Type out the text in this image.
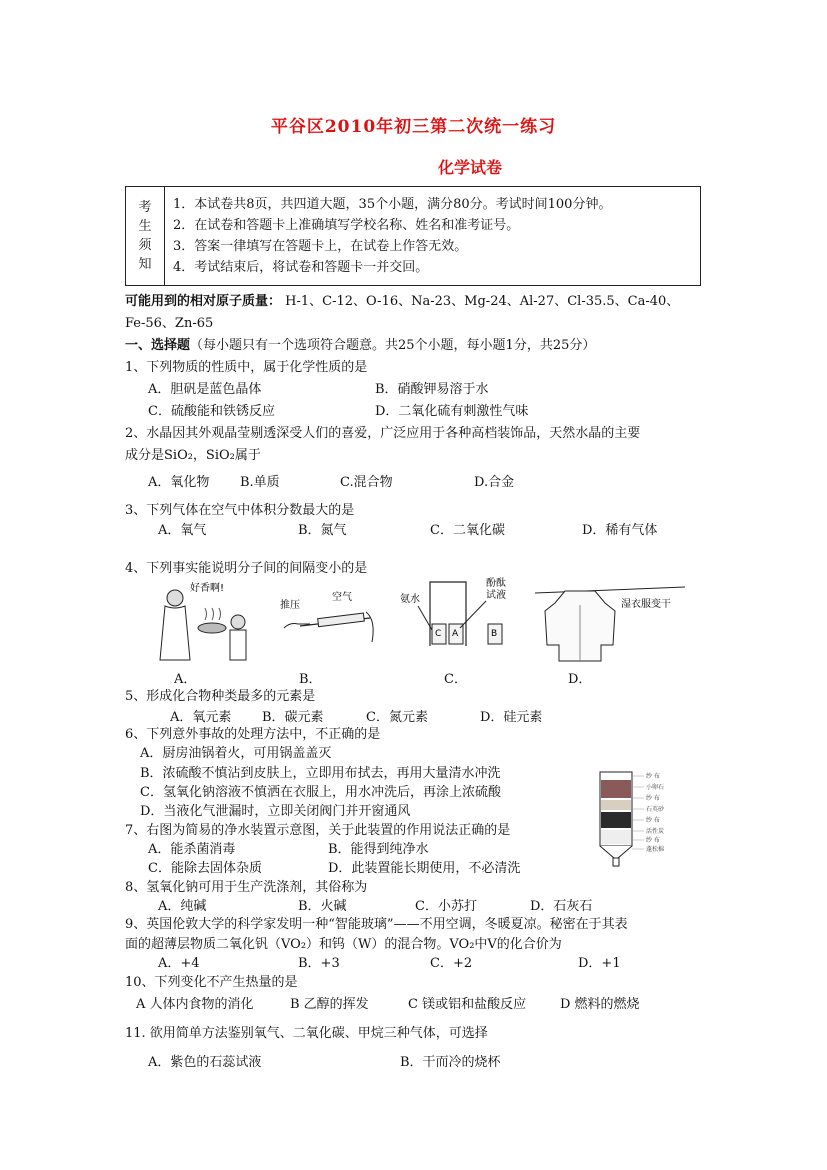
平谷区2010年初三第二次统一练习
化学试卷
考
生
须
知

1．本试卷共8页，共四道大题，35个小题，满分80分。考试时间100分钟。
2．在试卷和答题卡上准确填写学校名称、姓名和准考证号。
3．答案一律填写在答题卡上，在试卷上作答无效。
4．考试结束后，将试卷和答题卡一并交回。
可能用到的相对原子质量： H-1、C-12、O-16、Na-23、Mg-24、Al-27、Cl-35.5、Ca-40、
Fe-56、Zn-65
一、选择题（每小题只有一个选项符合题意。共25个小题，每小题1分，共25分）
1、下列物质的性质中，属于化学性质的是
A．胆矾是蓝色晶体	B．硝酸钾易溶于水
C．硫酸能和铁锈反应	D．二氧化硫有刺激性气味
2、水晶因其外观晶莹剔透深受人们的喜爱，广泛应用于各种高档装饰品，天然水晶的主要
成分是SiO₂，SiO₂属于
A．氧化物 B.单质	C.混合物	D.合金
3、下列气体在空气中体积分数最大的是
A．氧气	B．氮气	C．二氧化碳	D．稀有气体
4、下列事实能说明分子间的间隔变小的是
好香啊!
推压
空气	氨水
酚酞
试液
C A	B
湿衣服变干
A．	B．	C．	D．
5、形成化合物种类最多的元素是
A．氧元素 B．碳元素	C．氮元素	D．硅元素
6、下列意外事故的处理方法中，不正确的是
A．厨房油锅着火，可用锅盖盖灭
B．浓硫酸不慎沾到皮肤上，立即用布拭去，再用大量清水冲洗
C．氢氧化钠溶液不慎洒在衣服上，用水冲洗后，再涂上浓硫酸
D．当液化气泄漏时，立即关闭阀门并开窗通风
纱 布
小卵石
纱 布
石英砂
纱 布
活性炭
纱 布
蓬松棉
7、右图为简易的净水装置示意图，关于此装置的作用说法正确的是
A．能杀菌消毒	B．能得到纯净水
C．能除去固体杂质	D．此装置能长期使用，不必清洗
8、氢氧化钠可用于生产洗涤剂，其俗称为
A．纯碱	B．火碱	C．小苏打	D．石灰石
9、英国伦敦大学的科学家发明一种“智能玻璃”——不用空调，冬暖夏凉。秘密在于其表
面的超薄层物质二氧化钒（VO₂）和钨（W）的混合物。VO₂中V的化合价为
A．+4	B．+3	C．+2	D．+1
10、下列变化不产生热量的是
A 人体内食物的消化	B 乙醇的挥发	C 镁或铝和盐酸反应	D 燃料的燃烧
11. 欲用简单方法鉴别氧气、二氧化碳、甲烷三种气体，可选择
A．紫色的石蕊试液	B．干而冷的烧杯
